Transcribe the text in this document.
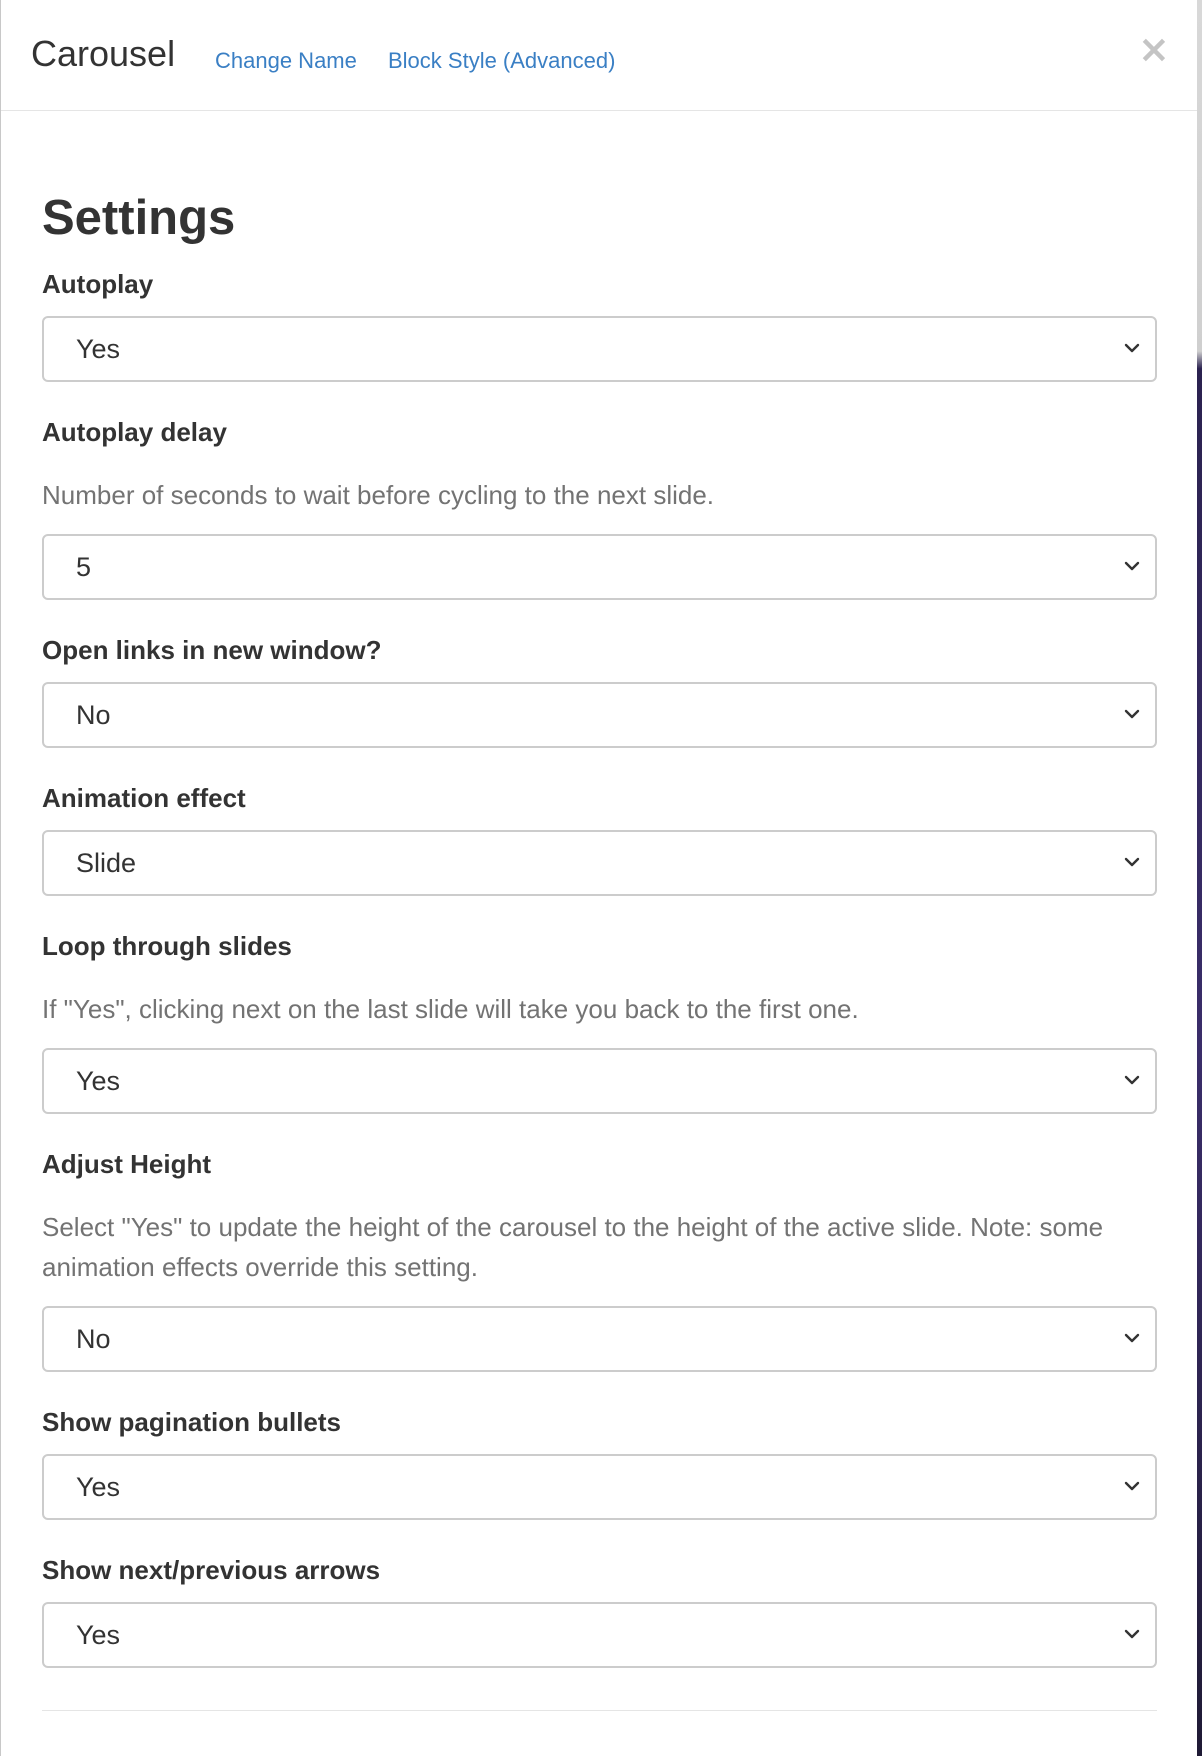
Carousel Change Name Block Style (Advanced)	×
Settings
Autoplay
Yes
Autoplay delay
Number of seconds to wait before cycling to the next slide.
5
Open links in new window?
No
Animation effect
Slide
Loop through slides
If "Yes", clicking next on the last slide will take you back to the first one.
Yes
Adjust Height
Select "Yes" to update the height of the carousel to the height of the active slide. Note: some animation effects override this setting.
No
Show pagination bullets
Yes
Show next/previous arrows
Yes
